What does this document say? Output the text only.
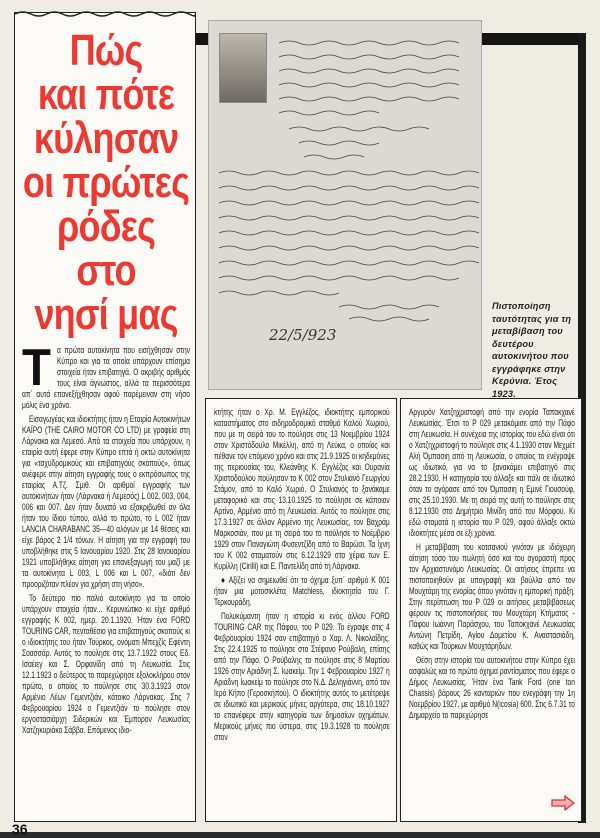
22/5/923
Πιστοποίηση ταυτότητας για τη μεταβίβαση του δευτέρου αυτοκινήτου που εγγράφηκε στην Κερύνια. Έτος 1923.
Πώς
και πότε
κύλησαν
οι πρώτες
ρόδες
στο
νησί μας

Τα πρώτα αυτοκίνητα που εισήχθησαν στην Κύπρο και για τα οποία υπάρχουν επίσημα στοιχεία ήταν επιβατηγά. Ο ακριβής αριθμός τους είναι άγνωστος, αλλά τα περισσότερα απ᾽ αυτά επανεξήχθησαν αφού παρέμειναν στη νήσο μόλις ένα χρόνο.

Εισαγωγέας και ιδιοκτήτης ήταν η Εταιρία Αυτοκινήτων ΚΑΪΡΟ (THE CAIRO MOTOR CO LTD) με γραφεία στη Λάρνακα και Λεμεσό. Από τα στοιχεία που υπάρχουν, η εταιρία αυτή έφερε στην Κύπρο επτά ή οκτώ αυτοκίνητα για «ταχυδρομικούς και επιβατηγούς σκοπούς», όπως ανέφερε στην αίτηση εγγραφής τους ο εκπρόσωπος της εταιρίας Α.Τζ. Σμιθ. Οι αριθμοί εγγραφής των αυτοκινήτων ήταν (Λάρνακα ή Λεμεσός) L 002, 003, 004, 006 και 007. Δεν ήταν δυνατό να εξακριβωθεί αν όλα ήταν του ίδιου τύπου, αλλά το πρώτο, το L 002 ήταν LANCIA CHARABANC 35—40 αλόγων με 14 θέσεις και είχε βάρος 2 1/4 τόνων. Η αίτηση για την εγγραφή του υποβλήθηκε στις 5 Ιανουαρίου 1920. Στις 28 Ιανουαρίου 1921 υποβλήθηκε αίτηση για επανεξαγωγή του μαζί με τα αυτοκίνητα L 003, L 006 και L 007, «διότι δεν προοριζόταν πλέον για χρήση στη νήσο».

Το δεύτερο πιο παλιό αυτοκίνητο για το οποίο υπάρχουν στοιχεία ήταν... Κερυνιώτικο κι είχε αριθμό εγγραφής Κ 002, ημερ. 20.1.1920. Ήταν ένα FORD TOURING CAR, πενταθέσιο για επιβατηγούς σκοπούς κι ο ιδιοκτήτης του ήταν Τούρκος, ονόματι Μπεχζίς Εφέντη Σοασσάρ. Αυτός το πούλησε στις 13.7.1922 στους Εδ. Ισαέιεγ και Σ. Ορφανίδη από τη Λευκωσία. Στις 12.1.1923 ο δεύτερος το παρεχώρησε εξολοκλήρου στον πρώτο, ο οποίος το πούλησε στις 30.3.1923 στον Αρμένιο Λέων Γεμεντζιάν, κάτοικο Λάρνακας. Στις 7 Φεβρουαρίου 1924 ο Γεμεντζιάν το πούλησε στον εργοστασιάρχη Σιδερικών και Έμπορον Λευκωσίας Χατζηκυριάκο Σάββα. Επόμενος ιδιο-

κτήτης ήταν ο Χρ. Μ. Εγγλέζος, ιδιοκτήτης εμπορικού καταστήματος στο σιδηροδρομικό σταθμό Καλού Χωριού, που με τη σειρά του το πούλησε στις 13 Νοεμβρίου 1924 στον Χριστόδουλο Μικέλλη, από τη Λεύκα, ο οποίος και πέθανε τον επόμενο χρόνο και στις 21.9.1925 οι κηδεμόνες της περιουσίας του, Κλεάνθης Κ. Εγγλέζος και Ουρανία Χριστοδούλου πούλησαν το Κ 002 στον Στυλιανό Γεωργίου Στάμον, από το Καλό Χωριό. Ο Στυλιανός το ξανάκαμε μεταφορικό και στις 13.10.1925 το πούλησε σε κάποιον Αρτίνο, Αρμένιο από τη Λευκωσία. Αυτός το πούλησε στις 17.3.1927 σε άλλον Αρμένιο της Λευκωσίας, τον Βαχράμ Μαρκοσιάν, που με τη σειρά του το πούλησε το Νοέμβριο 1929 στον Παναγιώτη Φυσεντζίδη από το Βαρώσι. Τα ίχνη του Κ 002 σταματούν στις 6.12.1929 στα χέρια των Ε. Κυρίλλη (Cirilli) και Ε. Παντελίδη από τη Λάρνακα.

● Αξίζει να σημειωθεί ότι το όχημα ξυπ᾽ αριθμό Κ 001 ήταν μια μοτοσικλέτα Matchless, ιδιοκτησία του Γ. Τερκουράδη.

Πολυκύμαντη ήταν η ιστορία κι ενός άλλου FORD TOURING CAR της Πάφου, του Ρ 029. Το έγραψε στις 4 Φεβρουαρίου 1924 σαν επιβατηγό ο Χαρ. Λ. Νικολαΐδης. Στις 22.4.1925 το πούλησε στο Στέφανο Ρούβαλη, επίσης από την Πάφο. Ο Ρούβαλης το πούλησε στις 8 Μαρτίου 1926 στην Αριάδνη Σ. Ιωακείμ. Την 1 Φεβρουαρίου 1927 η Αριάδνη Ιωακείμ το πούλησε στο Ν.Δ. Δεληγιάννη, από τον Ιερό Κήπο (Γεροσκήπου). Ο ιδιοκτήτης αυτός το μετέτρεψε σε ιδιωτικό και μερικούς μήνες αργότερα, στις 18.10.1927 το επανέφερε στην κατηγορία των δημοσίων οχημάτων. Μερικούς μήνες πιο ύστερα, στις 19.3.1928 το πούλησε στον

Αργυρόν Χατζηχριστοφή από την ενορία Ταπακχανέ Λευκωσίας. Έτσι το Ρ 029 μετακόμισε από την Πάφο στη Λευκωσία. Η συνέχεια της ιστορίας του εδώ είναι ότι ο Χατζηχριστοφή το πούλησε στις 4.1.1930 στον Μεχμέτ Αλή Όμπασιη από τη Λευκωσία, ο οποίος το ενέγραψε ως ιδιωτικό, για να το ξανακάμει επιβατηγό στις 28.2.1930. Η κατηγορία του άλλαξε και πάλι σε ιδιωτικό όταν το αγόρασε από τον Όμπασιη η Εμινέ Γιουσούφ, στις 25.10.1930. Με τη σειρά της αυτή το πούλησε στις 8.12.1930 στο Δημήτριο Μινίδη από του Μόρφου. Κι εδώ σταματά η ιστορία του Ρ 029, αφού άλλαξε οκτώ ιδιοκτήτες μέσα σε έξι χρόνια.

Η μεταβίβαση του κοτσανιού γινόταν με ιδιόχειρη αίτηση τόσο του πωλητή όσο και του αγοραστή προς τον Αρχιαστυνόμο Λευκωσίας. Οι αιτήσεις έπρεπε να πιστοποιηθούν με υπογραφή και βούλλα από τον Μουχτάρη της ενορίας όπου γινόταν η εμπορική πράξη. Στην περίπτωση του Ρ 029 οι αιτήσεις μεταβιβάσεως φέρουν τις πιστοποιήσεις του Μουχτάρη Κτήματος - Πάφου Ιωάννη Παράσχου, του Ταποκχανέ Λευκωσίας Αντώνη Πετρίδη, Αγίου Δομετίου Κ. Αναστασιάδη, καθώς και Τούρκων Μουχτάρηδων.

Θέση στην ιστορία του αυτοκινήτου στην Κύπρο έχει ασφαλώς και το πρώτο όχημα ραντίσματος που έφερε ο Δήμος Λευκωσίας. Ήταν ένα Tank Ford (one ton Chassis) βάρους 26 κανταριών που ενεγράφη την 1η Νοεμβρίου 1927, με αριθμό N(icosia) 600. Στις 6.7.31 το Δημαρχείο το παρεχώρησε

36
